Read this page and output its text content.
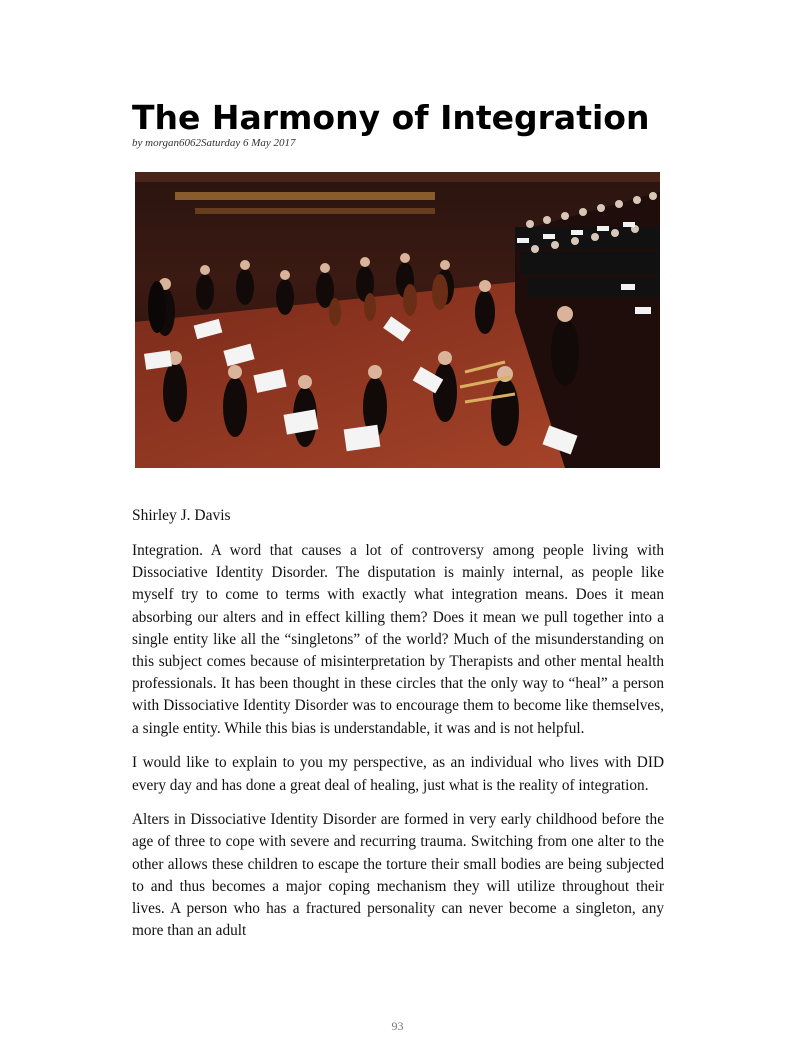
The Harmony of Integration
by morgan6062Saturday 6 May 2017
Shirley J. Davis

Integration. A word that causes a lot of controversy among people living with Dissociative Identity Disorder. The disputation is mainly internal, as people like myself try to come to terms with exactly what integration means. Does it mean absorbing our alters and in effect killing them? Does it mean we pull together into a single entity like all the “singletons” of the world? Much of the misunderstanding on this subject comes because of misinterpretation by Therapists and other mental health professionals. It has been thought in these circles that the only way to “heal” a person with Dissociative Identity Disorder was to encourage them to become like themselves, a single entity. While this bias is understandable, it was and is not helpful.

I would like to explain to you my perspective, as an individual who lives with DID every day and has done a great deal of healing, just what is the reality of integration.

Alters in Dissociative Identity Disorder are formed in very early childhood before the age of three to cope with severe and recurring trauma. Switching from one alter to the other allows these children to escape the torture their small bodies are being subjected to and thus becomes a major coping mechanism they will utilize throughout their lives. A person who has a fractured personality can never become a singleton, any more than an adult

93
